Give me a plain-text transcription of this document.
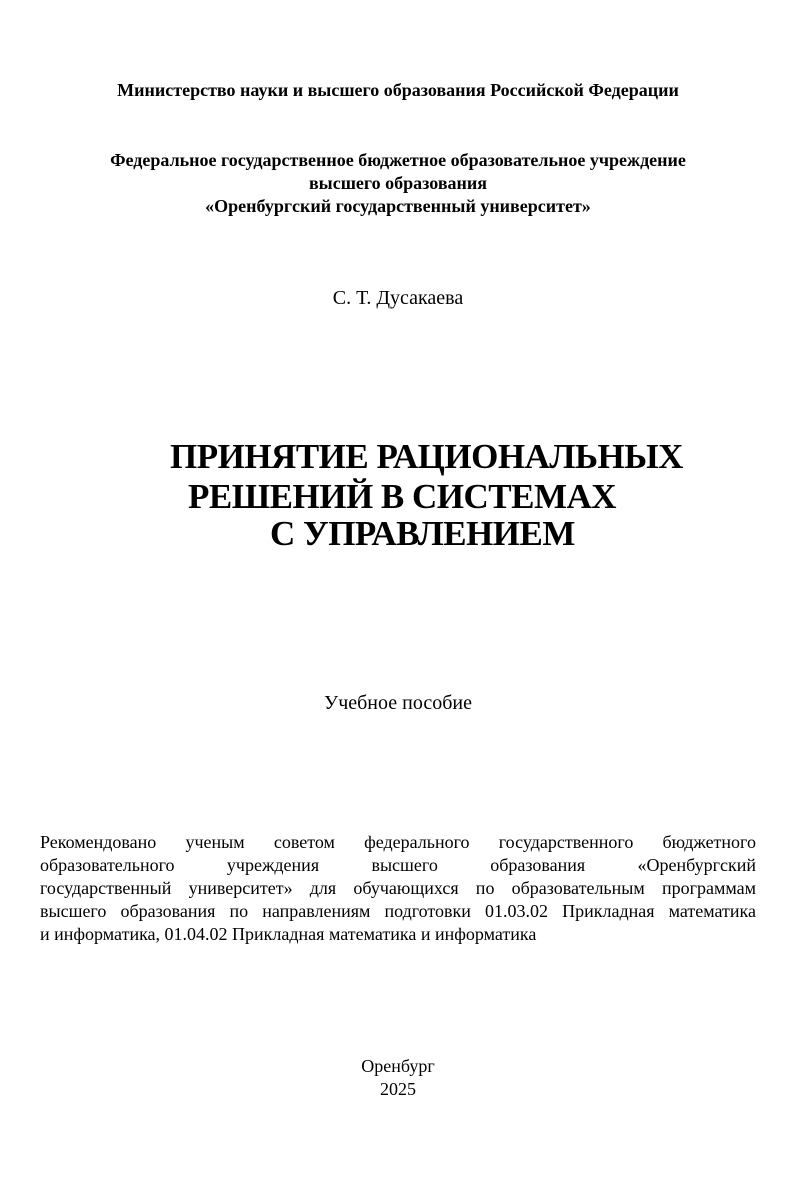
Министерство науки и высшего образования Российской Федерации
Федеральное государственное бюджетное образовательное учреждение
высшего образования
«Оренбургский государственный университет»
С. Т. Дусакаева
ПРИНЯТИЕ РАЦИОНАЛЬНЫХ
РЕШЕНИЙ В СИСТЕМАХ
С УПРАВЛЕНИЕМ
Учебное пособие
Рекомендовано ученым советом федерального государственного бюджетного
образовательного учреждения высшего образования «Оренбургский
государственный университет» для обучающихся по образовательным программам
высшего образования по направлениям подготовки 01.03.02 Прикладная математика
и информатика, 01.04.02 Прикладная математика и информатика
Оренбург
2025
